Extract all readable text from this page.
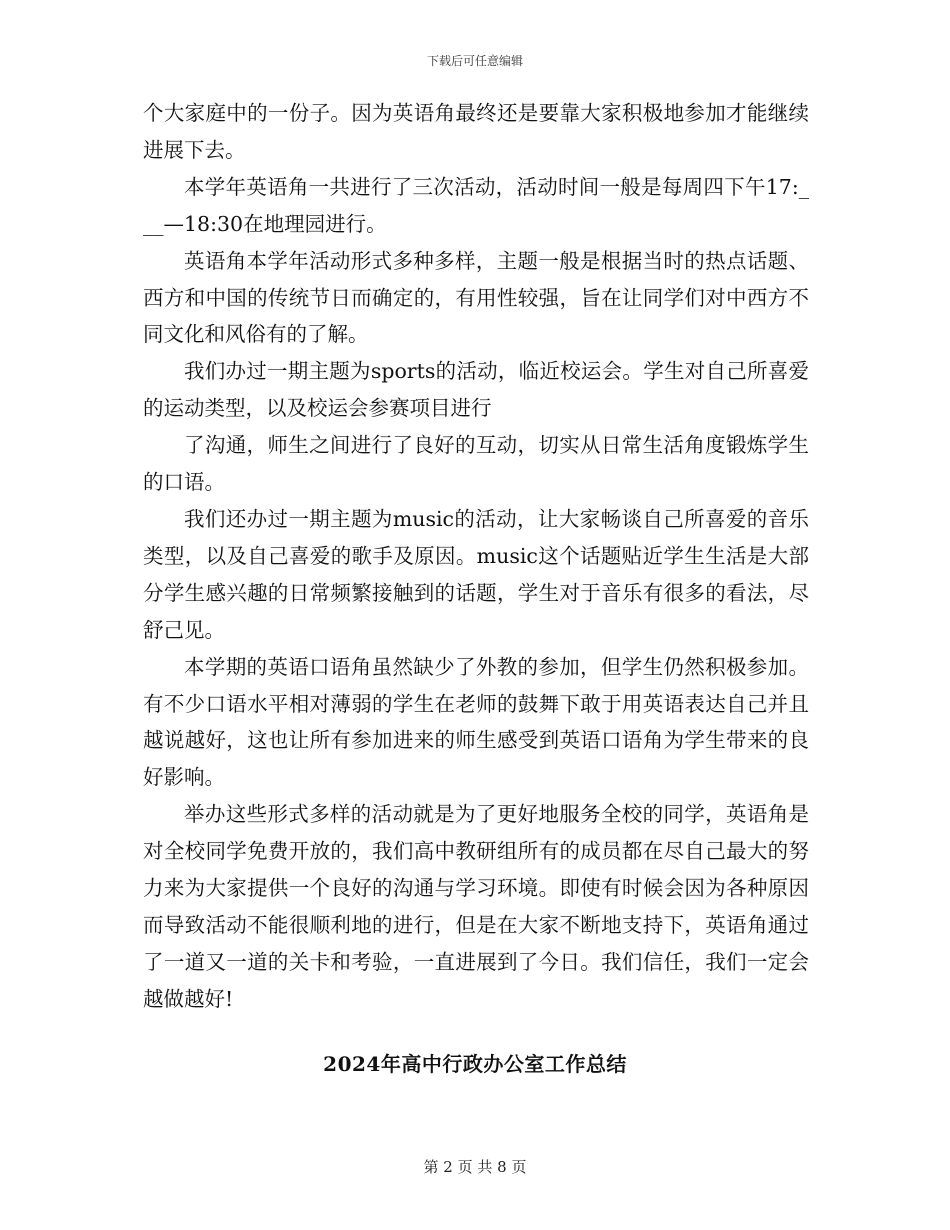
下载后可任意编辑

个大家庭中的一份子。因为英语角最终还是要靠大家积极地参加才能继续进展下去。

本学年英语角一共进行了三次活动，活动时间一般是每周四下午17:___—18:30在地理园进行。

英语角本学年活动形式多种多样，主题一般是根据当时的热点话题、西方和中国的传统节日而确定的，有用性较强，旨在让同学们对中西方不同文化和风俗有的了解。

我们办过一期主题为sports的活动，临近校运会。学生对自己所喜爱的运动类型，以及校运会参赛项目进行

了沟通，师生之间进行了良好的互动，切实从日常生活角度锻炼学生的口语。

我们还办过一期主题为music的活动，让大家畅谈自己所喜爱的音乐类型，以及自己喜爱的歌手及原因。music这个话题贴近学生生活是大部分学生感兴趣的日常频繁接触到的话题，学生对于音乐有很多的看法，尽舒己见。

本学期的英语口语角虽然缺少了外教的参加，但学生仍然积极参加。有不少口语水平相对薄弱的学生在老师的鼓舞下敢于用英语表达自己并且越说越好，这也让所有参加进来的师生感受到英语口语角为学生带来的良好影响。

举办这些形式多样的活动就是为了更好地服务全校的同学，英语角是对全校同学免费开放的，我们高中教研组所有的成员都在尽自己最大的努力来为大家提供一个良好的沟通与学习环境。即使有时候会因为各种原因而导致活动不能很顺利地的进行，但是在大家不断地支持下，英语角通过了一道又一道的关卡和考验，一直进展到了今日。我们信任，我们一定会越做越好!

2024年高中行政办公室工作总结
第 2 页 共 8 页
